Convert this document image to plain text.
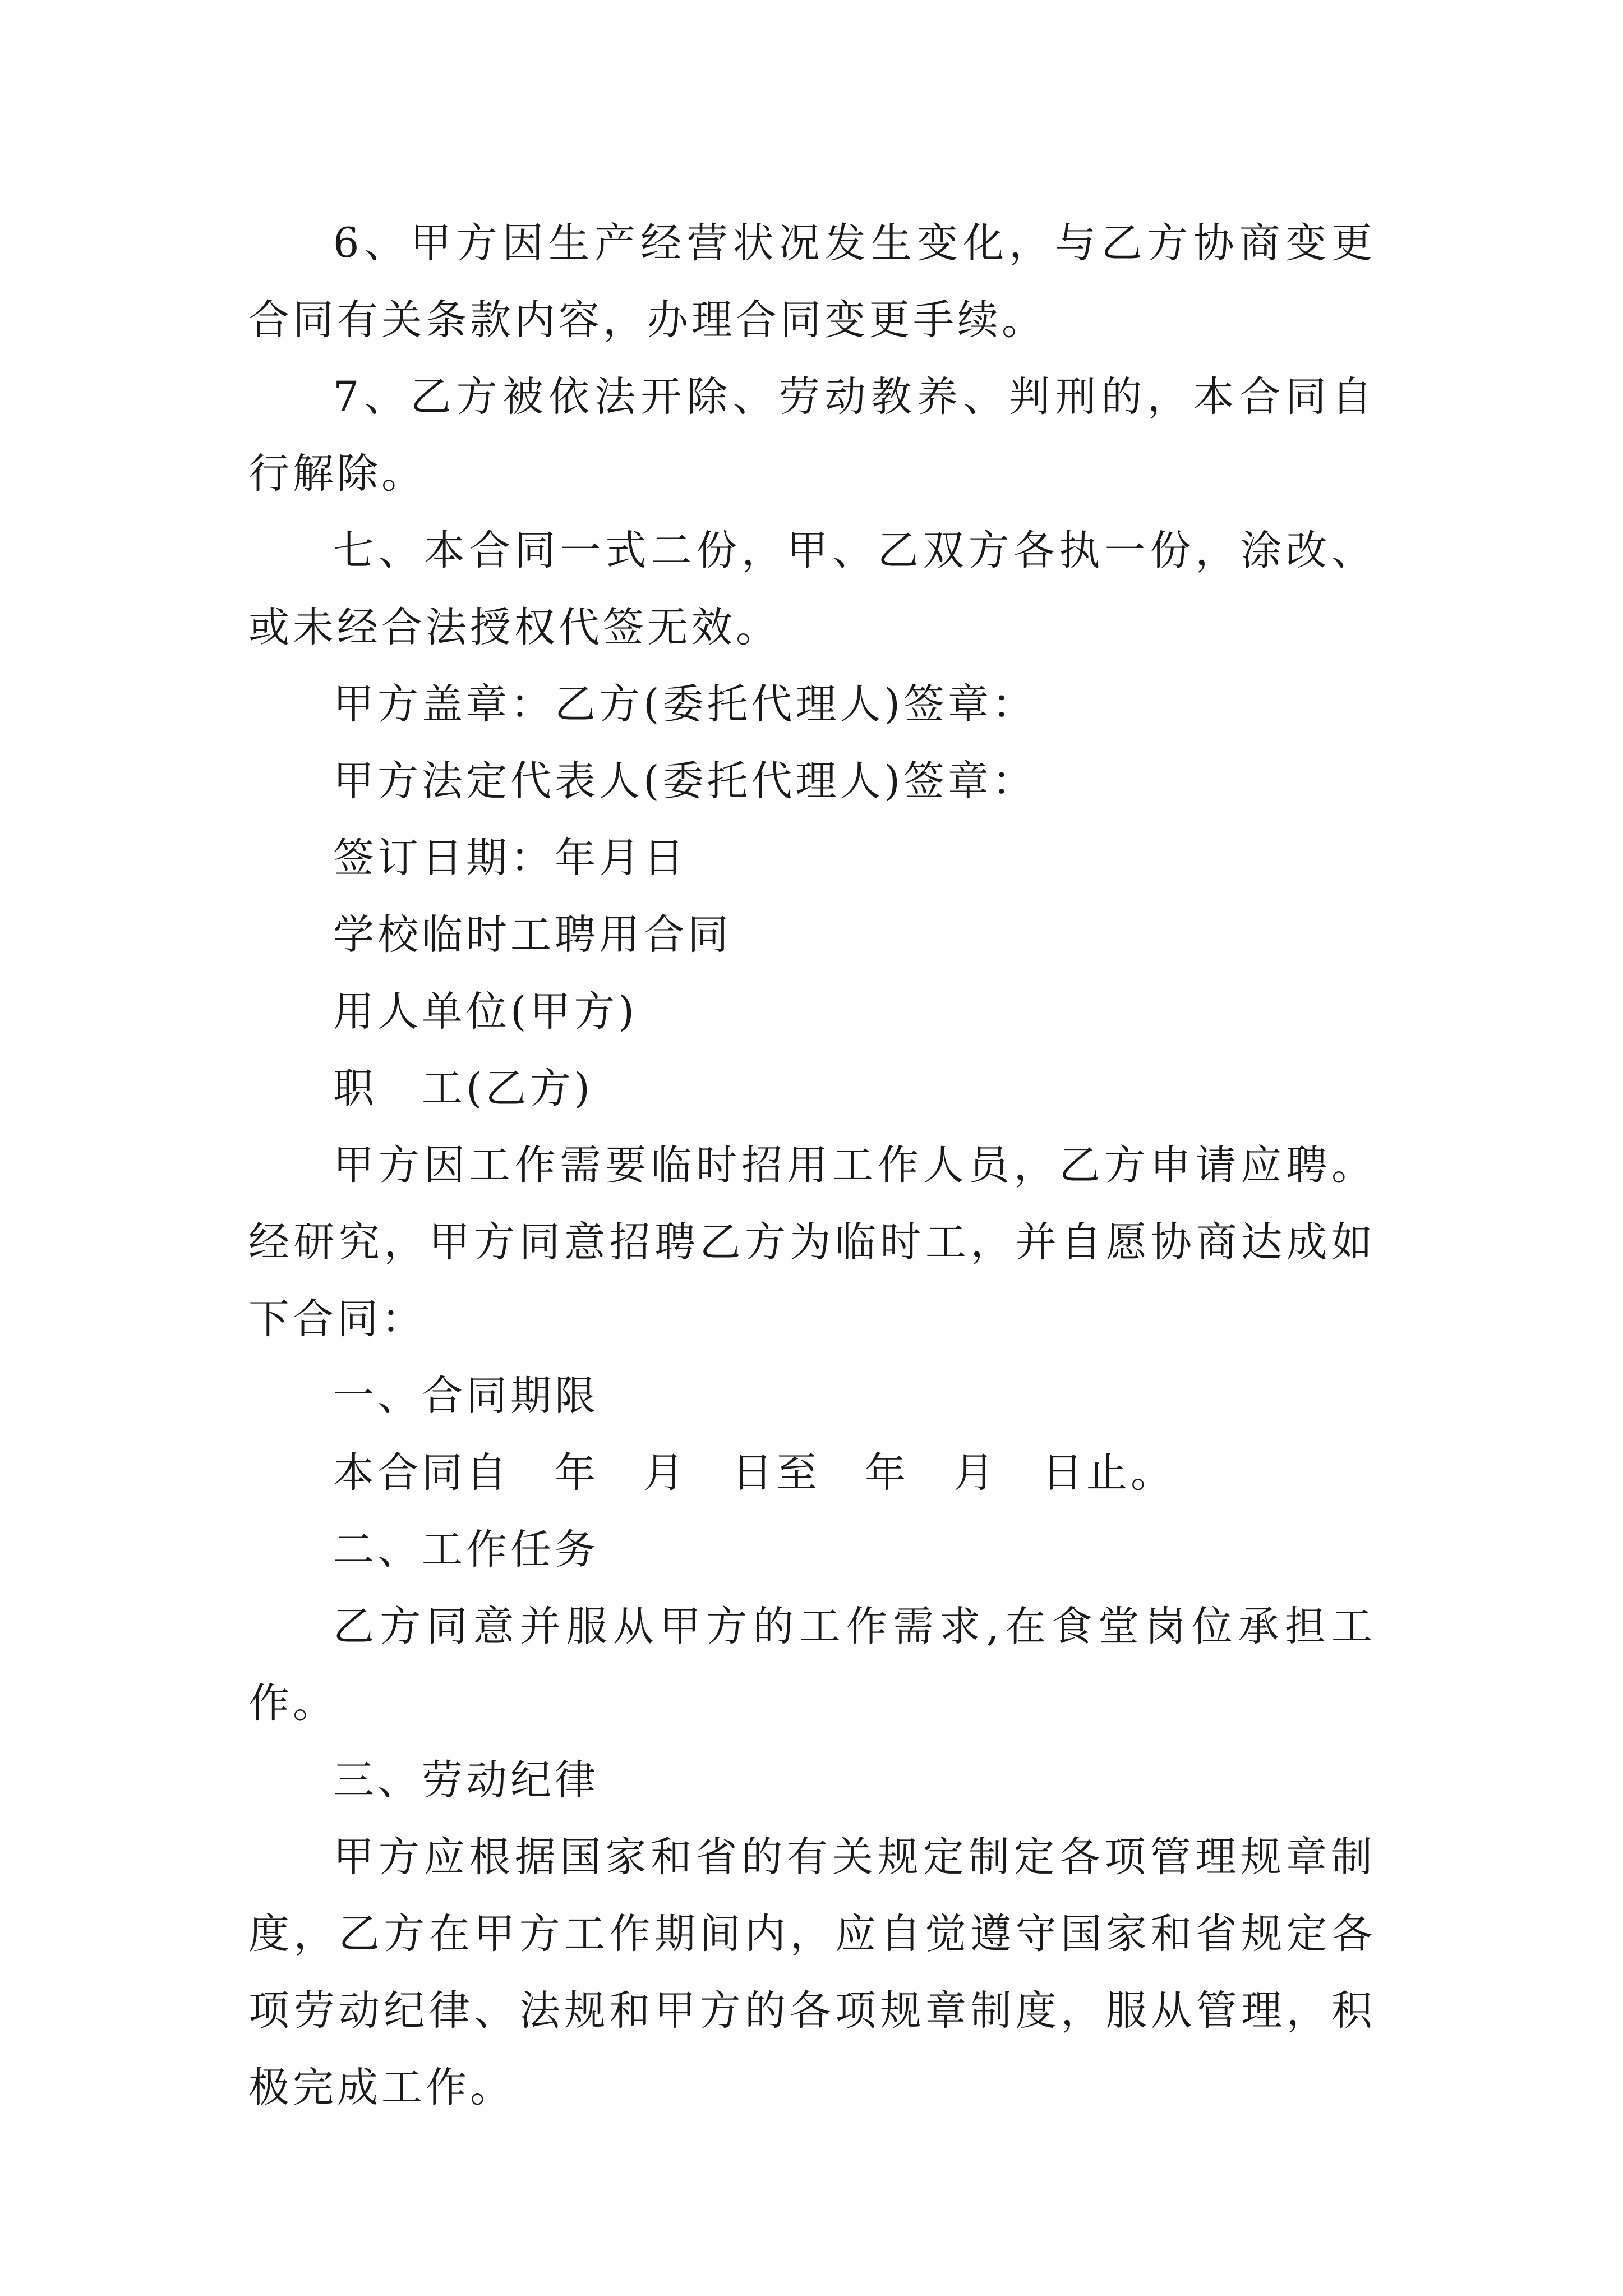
6、甲方因生产经营状况发生变化，与乙方协商变更合同有关条款内容，办理合同变更手续。

7、乙方被依法开除、劳动教养、判刑的，本合同自行解除。

七、本合同一式二份，甲、乙双方各执一份，涂改、或未经合法授权代签无效。

甲方盖章：乙方(委托代理人)签章：

甲方法定代表人(委托代理人)签章：

签订日期：年月日

学校临时工聘用合同

用人单位(甲方)

职　工(乙方)

甲方因工作需要临时招用工作人员，乙方申请应聘。经研究，甲方同意招聘乙方为临时工，并自愿协商达成如下合同：

一、合同期限

本合同自　年　月　日至　年　月　日止。

二、工作任务

乙方同意并服从甲方的工作需求,在食堂岗位承担工作。

三、劳动纪律

甲方应根据国家和省的有关规定制定各项管理规章制度，乙方在甲方工作期间内，应自觉遵守国家和省规定各项劳动纪律、法规和甲方的各项规章制度，服从管理，积极完成工作。
